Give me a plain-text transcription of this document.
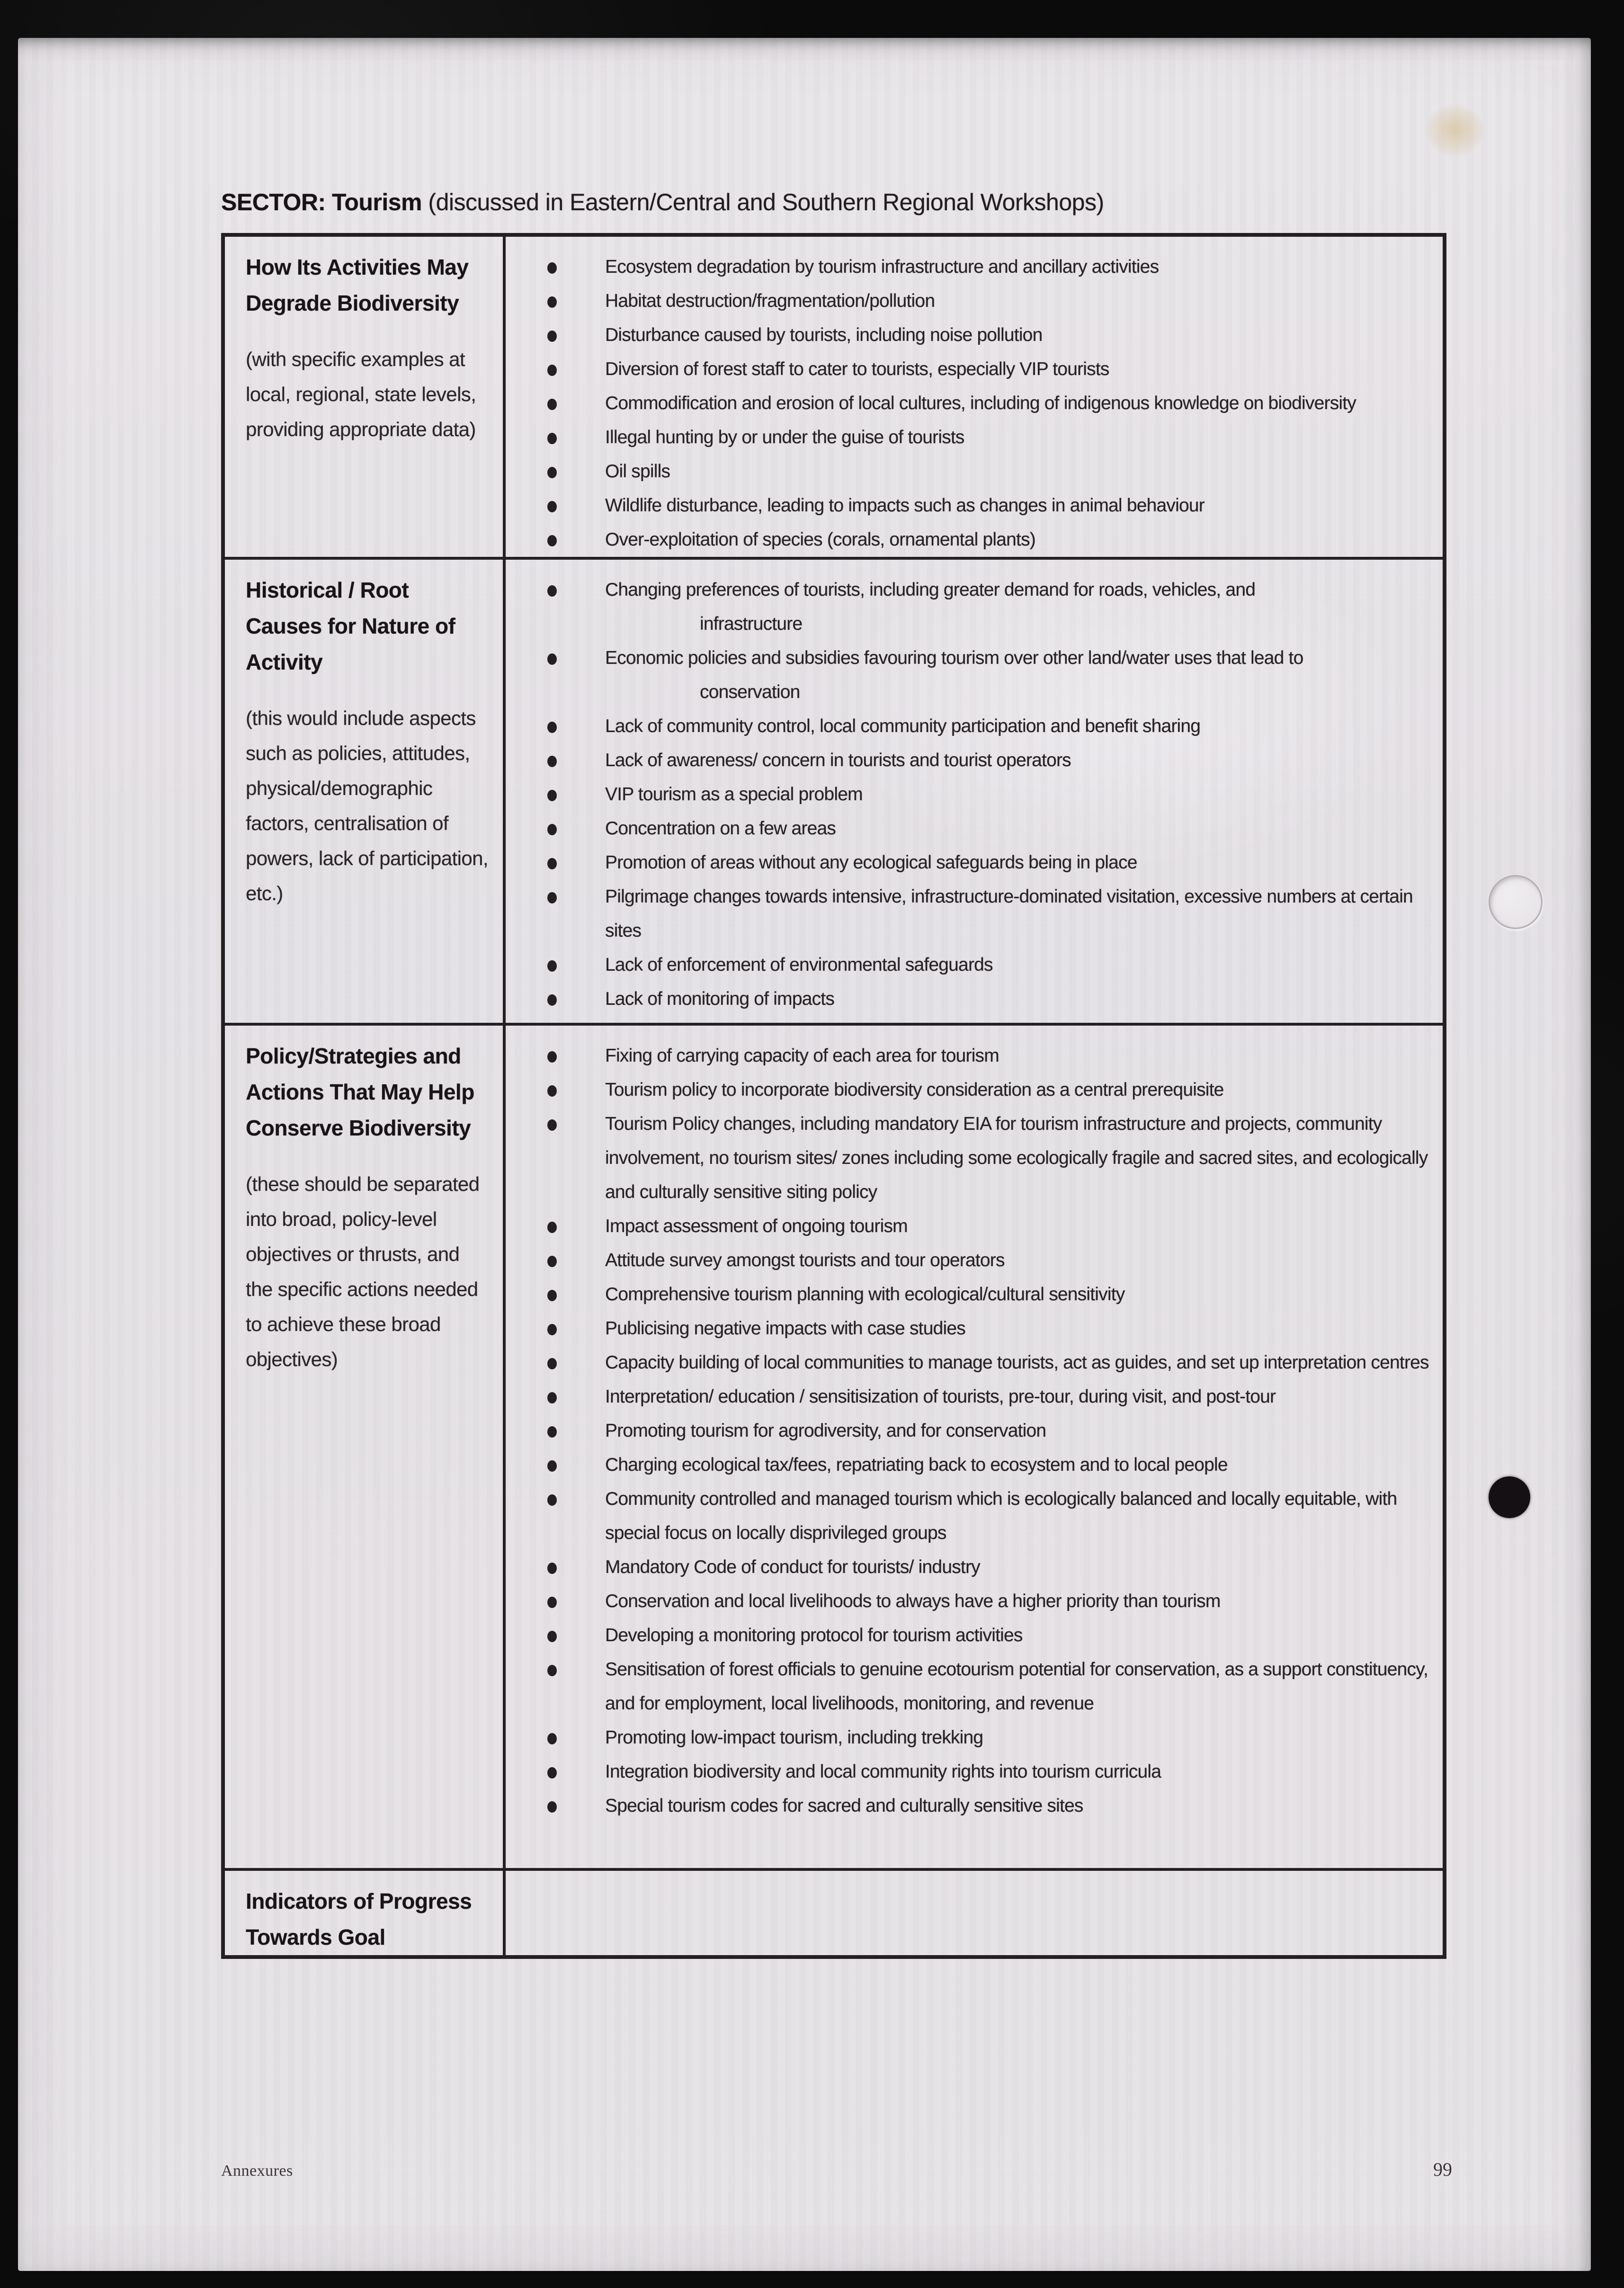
SECTOR: Tourism (discussed in Eastern/Central and Southern Regional Workshops)
How Its Activities May Degrade Biodiversity
(with specific examples at local, regional, state levels, providing appropriate data)

Ecosystem degradation by tourism infrastructure and ancillary activities
Habitat destruction/fragmentation/pollution
Disturbance caused by tourists, including noise pollution
Diversion of forest staff to cater to tourists, especially VIP tourists
Commodification and erosion of local cultures, including of indigenous knowledge on biodiversity
Illegal hunting by or under the guise of tourists
Oil spills
Wildlife disturbance, leading to impacts such as changes in animal behaviour
Over-exploitation of species (corals, ornamental plants)

Historical / Root Causes for Nature of Activity
(this would include aspects such as policies, attitudes, physical/demographic factors, centralisation of powers, lack of participation, etc.)

Changing preferences of tourists, including greater demand for roads, vehicles, and
infrastructure
Economic policies and subsidies favouring tourism over other land/water uses that lead to
conservation
Lack of community control, local community participation and benefit sharing
Lack of awareness/ concern in tourists and tourist operators
VIP tourism as a special problem
Concentration on a few areas
Promotion of areas without any ecological safeguards being in place
Pilgrimage changes towards intensive, infrastructure-dominated visitation, excessive numbers at certain sites
Lack of enforcement of environmental safeguards
Lack of monitoring of impacts

Policy/Strategies and Actions That May Help Conserve Biodiversity
(these should be separated into broad, policy-level objectives or thrusts, and the specific actions needed to achieve these broad objectives)

Fixing of carrying capacity of each area for tourism
Tourism policy to incorporate biodiversity consideration as a central prerequisite
Tourism Policy changes, including mandatory EIA for tourism infrastructure and projects, community involvement, no tourism sites/ zones including some ecologically fragile and sacred sites, and ecologically and culturally sensitive siting policy
Impact assessment of ongoing tourism
Attitude survey amongst tourists and tour operators
Comprehensive tourism planning with ecological/cultural sensitivity
Publicising negative impacts with case studies
Capacity building of local communities to manage tourists, act as guides, and set up interpretation centres
Interpretation/ education / sensitisization of tourists, pre-tour, during visit, and post-tour
Promoting tourism for agrodiversity, and for conservation
Charging ecological tax/fees, repatriating back to ecosystem and to local people
Community controlled and managed tourism which is ecologically balanced and locally equitable, with special focus on locally disprivileged groups
Mandatory Code of conduct for tourists/ industry
Conservation and local livelihoods to always have a higher priority than tourism
Developing a monitoring protocol for tourism activities
Sensitisation of forest officials to genuine ecotourism potential for conservation, as a support constituency, and for employment, local livelihoods, monitoring, and revenue
Promoting low-impact tourism, including trekking
Integration biodiversity and local community rights into tourism curricula
Special tourism codes for sacred and culturally sensitive sites

Indicators of Progress Towards Goal

Annexures	99
